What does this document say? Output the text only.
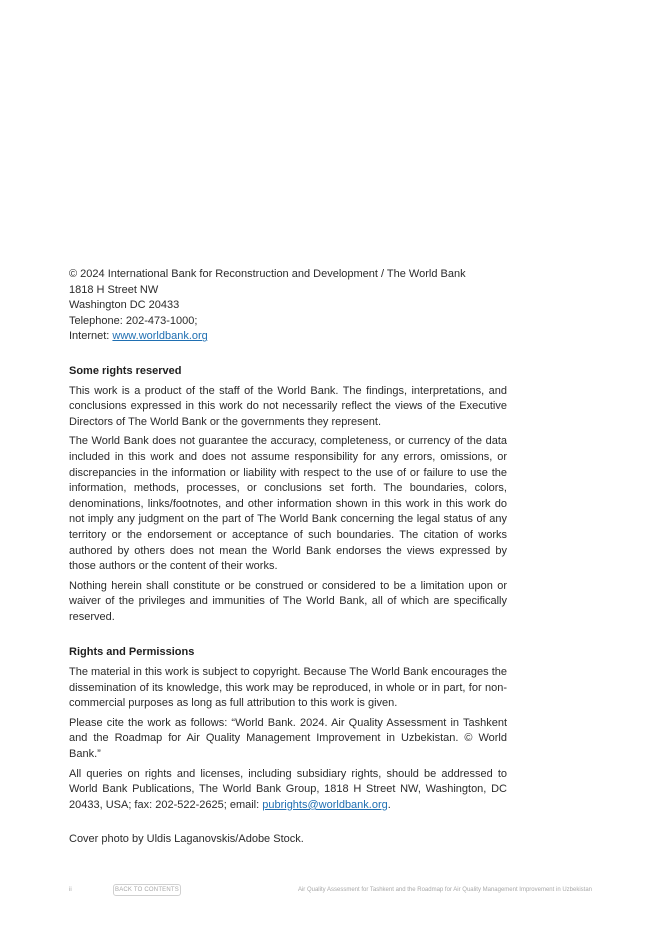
© 2024 International Bank for Reconstruction and Development / The World Bank

1818 H Street NW

Washington DC 20433

Telephone: 202-473-1000;

Internet: www.worldbank.org

Some rights reserved

This work is a product of the staff of the World Bank. The findings, interpretations, and conclusions expressed in this work do not necessarily reflect the views of the Executive Directors of The World Bank or the governments they represent.

The World Bank does not guarantee the accuracy, completeness, or currency of the data included in this work and does not assume responsibility for any errors, omissions, or discrepancies in the information or liability with respect to the use of or failure to use the information, methods, processes, or conclusions set forth. The boundaries, colors, denominations, links/footnotes, and other information shown in this work in this work do not imply any judgment on the part of The World Bank concerning the legal status of any territory or the endorsement or acceptance of such boundaries. The citation of works authored by others does not mean the World Bank endorses the views expressed by those authors or the content of their works.

Nothing herein shall constitute or be construed or considered to be a limitation upon or waiver of the privileges and immunities of The World Bank, all of which are specifically reserved.

Rights and Permissions

The material in this work is subject to copyright. Because The World Bank encourages the dissemination of its knowledge, this work may be reproduced, in whole or in part, for non-commercial purposes as long as full attribution to this work is given.

Please cite the work as follows: “World Bank. 2024. Air Quality Assessment in Tashkent and the Roadmap for Air Quality Management Improvement in Uzbekistan. © World Bank.”

All queries on rights and licenses, including subsidiary rights, should be addressed to World Bank Publications, The World Bank Group, 1818 H Street NW, Washington, DC 20433, USA; fax: 202-522-2625; email: pubrights@worldbank.org.

Cover photo by Uldis Laganovskis/Adobe Stock.

ii	BACK TO CONTENTS	Air Quality Assessment for Tashkent and the Roadmap for Air Quality Management Improvement in Uzbekistan
